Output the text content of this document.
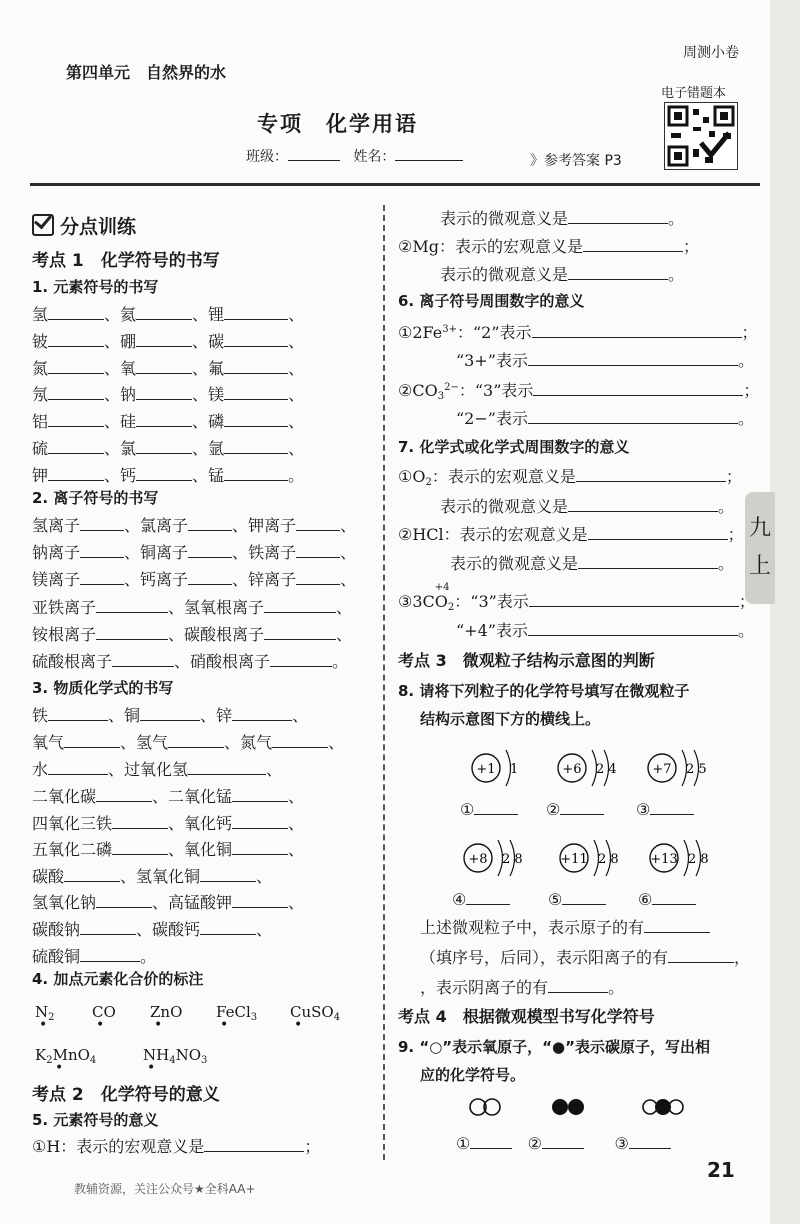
第四单元　自然界的水
周测小卷
电子错题本
专项　化学用语
班级：	姓名：	》参考答案 P3
九
上
分点训练
考点 1　化学符号的书写
1. 元素符号的书写
2. 离子符号的书写
3. 物质化学式的书写
4. 加点元素化合价的标注
$N_2$
•
CO
•
ZnO
•
FeCl$_3$
•
CuSO$_4$
•
$K_2MnO_4$
•
$NH_4NO_3$
•
考点 2　化学符号的意义
5. 元素符号的意义
①H：表示的宏观意义是	；
表示的微观意义是	。
②Mg：表示的宏观意义是	；
表示的微观意义是	。
6. 离子符号周围数字的意义
$①2Fe^{3+}$：“2”表示	；
“3+”表示	。
$②CO_3^{2-}$：“3”表示	；
“2−”表示	。
7. 化学式或化学式周围数字的意义
$①O_2$：表示的宏观意义是	；
表示的微观意义是	。
②HCl：表示的宏观意义是	；
表示的微观意义是	。
③3C
+4
$O_2$：“3”表示	；
“+4”表示	。
考点 3　微观粒子结构示意图的判断
8. 请将下列粒子的化学符号填写在微观粒子
结构示意图下方的横线上。
+1 1
①
+6 2 4
②
+7 2 5
③
+8 2 8
④
+11 2 8
⑤
+13 2 8
⑥
上述微观粒子中，表示原子的有
（填序号，后同），表示阳离子的有	，
，表示阴离子的有	。
考点 4　根据微观模型书写化学符号
9. “○”表示氧原子，“●”表示碳原子，写出相
应的化学符号。
①	②	③
21
教辅资源，关注公众号★全科AA+
氢	、氦	、锂	、
铍	、硼	、碳	、
氮	、氧	、氟	、
氖	、钠	、镁	、
铝	、硅	、磷	、
硫	、氯	、氩	、
钾	、钙	、锰	。
氢离子	、氯离子	、钾离子	、
钠离子	、铜离子	、铁离子	、
镁离子	、钙离子	、锌离子	、
亚铁离子	、氢氧根离子	、
铵根离子	、碳酸根离子	、
硫酸根离子	、硝酸根离子	。
铁	、铜	、锌	、
氧气	、氢气	、氮气	、
水	、过氧化氢	、
二氧化碳	、二氧化锰	、
四氧化三铁	、氧化钙	、
五氧化二磷	、氧化铜	、
碳酸	、氢氧化铜	、
氢氧化钠	、高锰酸钾	、
碳酸钠	、碳酸钙	、
硫酸铜	。
